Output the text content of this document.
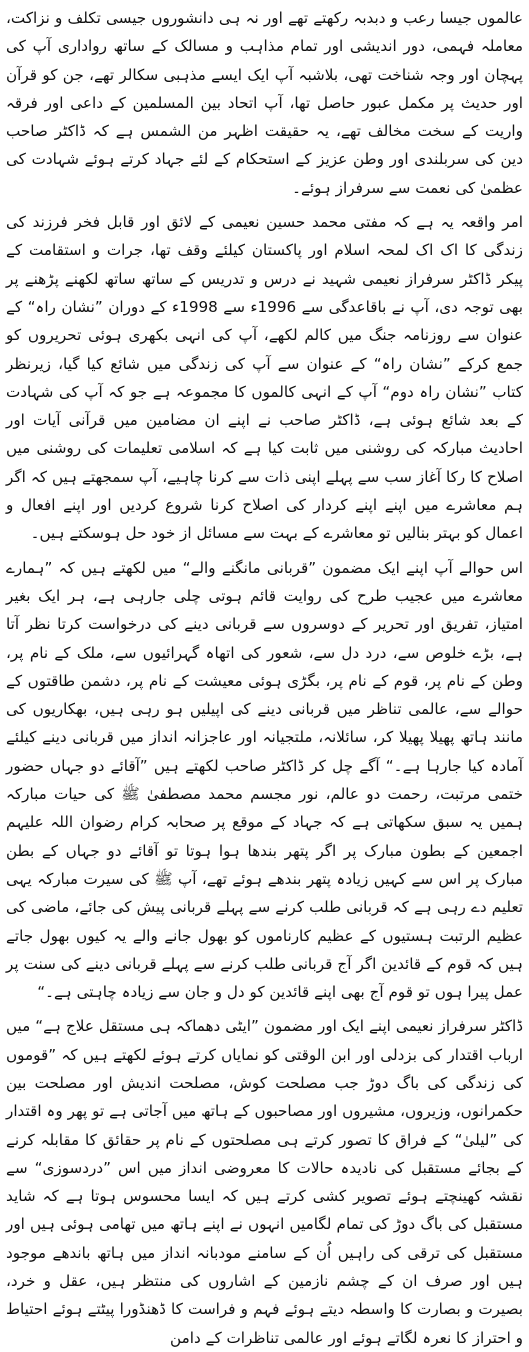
عالموں جیسا رعب و دبدبہ رکھتے تھے اور نہ ہی دانشوروں جیسی تکلف و نزاکت، معاملہ فہمی، دور اندیشی اور تمام مذاہب و مسالک کے ساتھ رواداری آپ کی پہچان اور وجہ شناخت تھی، بلاشبہ آپ ایک ایسے مذہبی سکالر تھے، جن کو قرآن اور حدیث پر مکمل عبور حاصل تھا، آپ اتحاد بین المسلمین کے داعی اور فرقہ واریت کے سخت مخالف تھے، یہ حقیقت اظہر من الشمس ہے کہ ڈاکٹر صاحب دین کی سربلندی اور وطن عزیز کے استحکام کے لئے جہاد کرتے ہوئے شہادت کی عظمیٰ کی نعمت سے سرفراز ہوئے۔

امر واقعہ یہ ہے کہ مفتی محمد حسین نعیمی کے لائق اور قابل فخر فرزند کی زندگی کا اک اک لمحہ اسلام اور پاکستان کیلئے وقف تھا، جرات و استقامت کے پیکر ڈاکٹر سرفراز نعیمی شہید نے درس و تدریس کے ساتھ ساتھ لکھنے پڑھنے پر بھی توجہ دی، آپ نے باقاعدگی سے 1996ء سے 1998ء کے دوران ”نشان راہ“ کے عنوان سے روزنامہ جنگ میں کالم لکھے، آپ کی انہی بکھری ہوئی تحریروں کو جمع کرکے ”نشان راہ“ کے عنوان سے آپ کی زندگی میں شائع کیا گیا، زیرنظر کتاب ”نشان راہ دوم“ آپ کے انہی کالموں کا مجموعہ ہے جو کہ آپ کی شہادت کے بعد شائع ہوئی ہے، ڈاکٹر صاحب نے اپنے ان مضامین میں قرآنی آیات اور احادیث مبارکہ کی روشنی میں ثابت کیا ہے کہ اسلامی تعلیمات کی روشنی میں اصلاح کا رکا آغاز سب سے پہلے اپنی ذات سے کرنا چاہیے، آپ سمجھتے ہیں کہ اگر ہم معاشرے میں اپنے اپنے کردار کی اصلاح کرنا شروع کردیں اور اپنے افعال و اعمال کو بہتر بنالیں تو معاشرے کے بہت سے مسائل از خود حل ہوسکتے ہیں۔

اس حوالے آپ اپنے ایک مضمون ”قربانی مانگنے والے“ میں لکھتے ہیں کہ ”ہمارے معاشرے میں عجیب طرح کی روایت قائم ہوتی چلی جارہی ہے، ہر ایک بغیر امتیاز، تفریق اور تحریر کے دوسروں سے قربانی دینے کی درخواست کرتا نظر آتا ہے، بڑے خلوص سے، درد دل سے، شعور کی اتھاہ گہرائیوں سے، ملک کے نام پر، وطن کے نام پر، قوم کے نام پر، بگڑی ہوئی معیشت کے نام پر، دشمن طاقتوں کے حوالے سے، عالمی تناظر میں قربانی دینے کی اپیلیں ہو رہی ہیں، بھکاریوں کی مانند ہاتھ پھیلا پھیلا کر، سائلانہ، ملتجیانہ اور عاجزانہ انداز میں قربانی دینے کیلئے آمادہ کیا جارہا ہے۔“ آگے چل کر ڈاکٹر صاحب لکھتے ہیں ”آقائے دو جہاں حضور ختمی مرتبت، رحمت دو عالم، نور مجسم محمد مصطفیٰ ﷺ کی حیات مبارکہ ہمیں یہ سبق سکھاتی ہے کہ جہاد کے موقع پر صحابہ کرام رضوان اللہ علیہم اجمعین کے بطون مبارک پر اگر پتھر بندھا ہوا ہوتا تو آقائے دو جہاں کے بطن مبارک پر اس سے کہیں زیادہ پتھر بندھے ہوئے تھے، آپ ﷺ کی سیرت مبارکہ یہی تعلیم دے رہی ہے کہ قربانی طلب کرنے سے پہلے قربانی پیش کی جائے، ماضی کی عظیم الرتبت ہستیوں کے عظیم کارناموں کو بھول جانے والے یہ کیوں بھول جاتے ہیں کہ قوم کے قائدین اگر آج قربانی طلب کرنے سے پہلے قربانی دینے کی سنت پر عمل پیرا ہوں تو قوم آج بھی اپنے قائدین کو دل و جان سے زیادہ چاہتی ہے۔“

ڈاکٹر سرفراز نعیمی اپنے ایک اور مضمون ”ایٹی دھماکہ ہی مستقل علاج ہے“ میں ارباب اقتدار کی بزدلی اور ابن الوقتی کو نمایاں کرتے ہوئے لکھتے ہیں کہ ”قوموں کی زندگی کی باگ دوڑ جب مصلحت کوش، مصلحت اندیش اور مصلحت بین حکمرانوں، وزیروں، مشیروں اور مصاحبوں کے ہاتھ میں آجاتی ہے تو پھر وہ اقتدار کی ”لیلیٰ“ کے فراق کا تصور کرتے ہی مصلحتوں کے نام پر حقائق کا مقابلہ کرنے کے بجائے مستقبل کی نادیدہ حالات کا معروضی انداز میں اس ”دردسوزی“ سے نقشہ کھینچتے ہوئے تصویر کشی کرتے ہیں کہ ایسا محسوس ہوتا ہے کہ شاید مستقبل کی باگ دوڑ کی تمام لگامیں انہوں نے اپنے ہاتھ میں تھامی ہوئی ہیں اور مستقبل کی ترقی کی راہیں اُن کے سامنے مودبانہ انداز میں ہاتھ باندھے موجود ہیں اور صرف ان کے چشم نازمین کے اشاروں کی منتظر ہیں، عقل و خرد، بصیرت و بصارت کا واسطہ دیتے ہوئے فہم و فراست کا ڈھنڈورا پیٹتے ہوئے احتیاط و احتراز کا نعرہ لگاتے ہوئے اور عالمی تناظرات کے دامن
